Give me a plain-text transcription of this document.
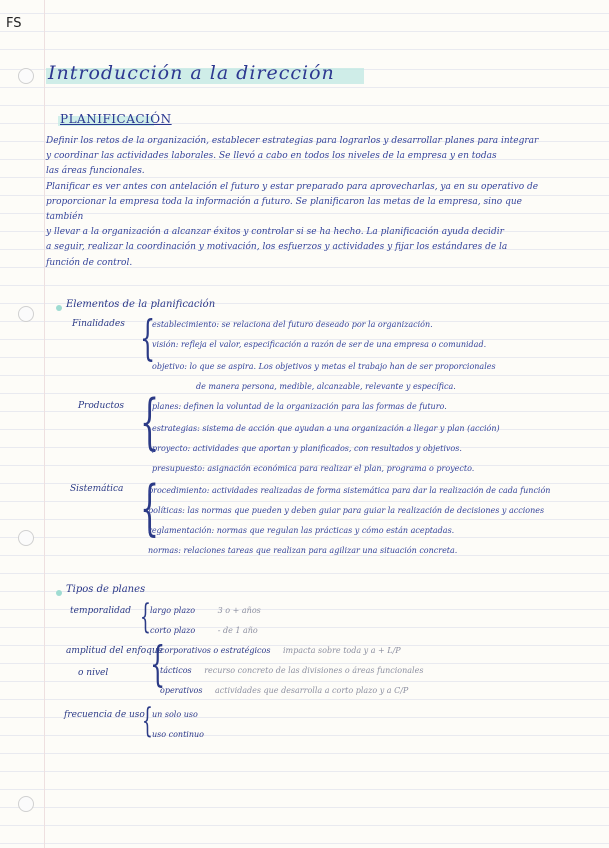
FS
Introducción a la dirección
PLANIFICACIÓN
Definir los retos de la organización, establecer estrategias para lograrlos y desarrollar planes para integrar
y coordinar las actividades laborales. Se llevó a cabo en todos los niveles de la empresa y en todas
las áreas funcionales.
Planificar es ver antes con antelación el futuro y estar preparado para aprovecharlas, ya en su operativo de
proporcionar la empresa toda la información a futuro. Se planificaron las metas de la empresa, sino que también
y llevar a la organización a alcanzar éxitos y controlar si se ha hecho. La planificación ayuda decidir
a seguir, realizar la coordinación y motivación, los esfuerzos y actividades y fijar los estándares de la
función de control.
Elementos de la planificación
Finalidades {
establecimiento: se relaciona del futuro deseado por la organización.
visión: refleja el valor, especificación a razón de ser de una empresa o comunidad.
objetivo: lo que se aspira. Los objetivos y metas el trabajo han de ser proporcionales
de manera persona, medible, alcanzable, relevante y específica.
Productos {
planes: definen la voluntad de la organización para las formas de futuro.
estrategias: sistema de acción que ayudan a una organización a llegar y plan (acción)
proyecto: actividades que aportan y planificados, con resultados y objetivos.
presupuesto: asignación económica para realizar el plan, programa o proyecto.
Sistemática {
procedimiento: actividades realizadas de forma sistemática para dar la realización de cada función
políticas: las normas que pueden y deben guiar para guiar la realización de decisiones y acciones
reglamentación: normas que regulan las prácticas y cómo están aceptadas.
normas: relaciones tareas que realizan para agilizar una situación concreta.
Tipos de planes
temporalidad { largo plazo	3 o + años
corto plazo	- de 1 año
amplitud del enfoque
o nivel {
corporativos o estratégicos impacta sobre toda y a + L/P
tácticos recurso concreto de las divisiones o áreas funcionales
operativos actividades que desarrolla a corto plazo y a C/P
frecuencia de uso
{ un solo uso
uso continuo
